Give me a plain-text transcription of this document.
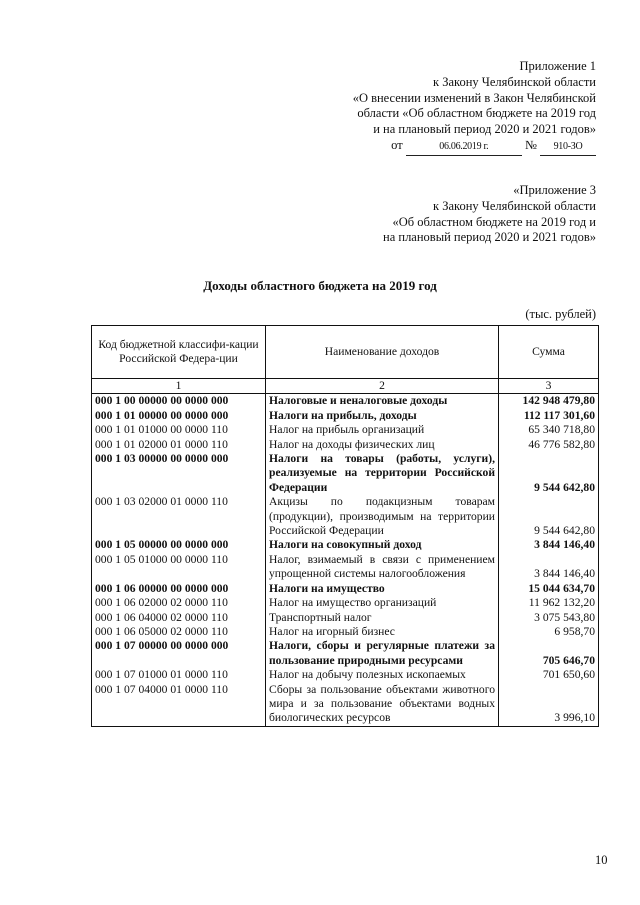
Приложение 1
к Закону Челябинской области
«О внесении изменений в Закон Челябинской
области «Об областном бюджете на 2019 год
и на плановый период 2020 и 2021 годов»
от	06.06.2019 г.	№ 910-ЗО
«Приложение 3
к Закону Челябинской области
«Об областном бюджете на 2019 год и
на плановый период 2020 и 2021 годов»
Доходы областного бюджета на 2019 год
(тыс. рублей)
Код бюджетной классифи-кации Российской Федера-ции	Наименование доходов	Сумма
1	2	3
000 1 00 00000 00 0000 000	Налоговые и неналоговые доходы	142 948 479,80
000 1 01 00000 00 0000 000	Налоги на прибыль, доходы	112 117 301,60
000 1 01 01000 00 0000 110	Налог на прибыль организаций	65 340 718,80
000 1 01 02000 01 0000 110	Налог на доходы физических лиц	46 776 582,80
000 1 03 00000 00 0000 000	Налоги на товары (работы, услуги), реализуемые на территории Российской Федерации	9 544 642,80
000 1 03 02000 01 0000 110	Акцизы по подакцизным товарам (продукции), производимым на территории Российской Федерации	9 544 642,80
000 1 05 00000 00 0000 000	Налоги на совокупный доход	3 844 146,40
000 1 05 01000 00 0000 110	Налог, взимаемый в связи с применением упрощенной системы налогообложения	3 844 146,40
000 1 06 00000 00 0000 000	Налоги на имущество	15 044 634,70
000 1 06 02000 02 0000 110	Налог на имущество организаций	11 962 132,20
000 1 06 04000 02 0000 110	Транспортный налог	3 075 543,80
000 1 06 05000 02 0000 110	Налог на игорный бизнес	6 958,70
000 1 07 00000 00 0000 000	Налоги, сборы и регулярные платежи за пользование природными ресурсами	705 646,70
000 1 07 01000 01 0000 110	Налог на добычу полезных ископаемых	701 650,60
000 1 07 04000 01 0000 110	Сборы за пользование объектами животного мира и за пользование объектами водных биологических ресурсов	3 996,10
10
